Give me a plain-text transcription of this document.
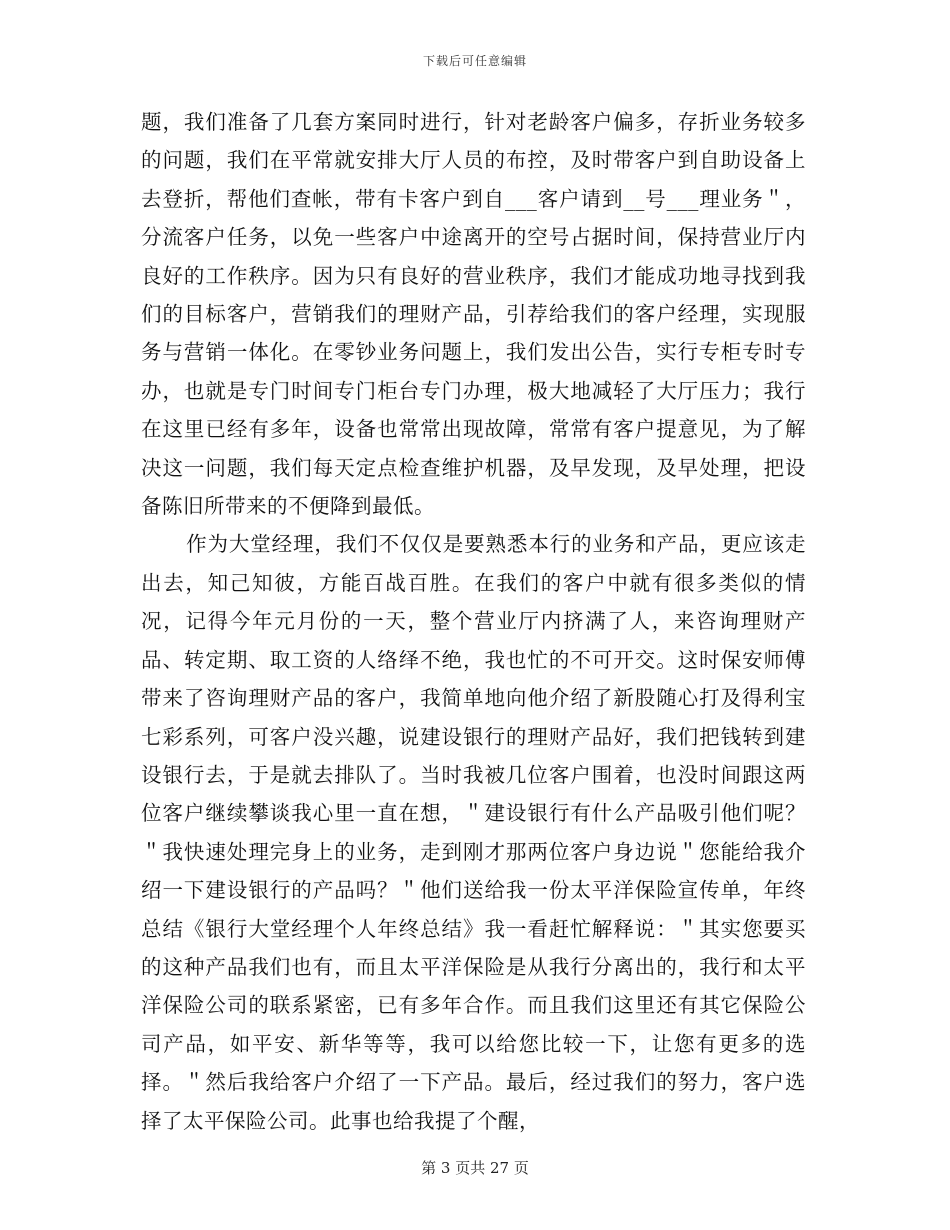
下载后可任意编辑

题，我们准备了几套方案同时进行，针对老龄客户偏多，存折业务较多的问题，我们在平常就安排大厅人员的布控，及时带客户到自助设备上去登折，帮他们查帐，带有卡客户到自___客户请到__号___理业务＂，分流客户任务，以免一些客户中途离开的空号占据时间，保持营业厅内良好的工作秩序。因为只有良好的营业秩序，我们才能成功地寻找到我们的目标客户，营销我们的理财产品，引荐给我们的客户经理，实现服务与营销一体化。在零钞业务问题上，我们发出公告，实行专柜专时专办，也就是专门时间专门柜台专门办理，极大地减轻了大厅压力；我行在这里已经有多年，设备也常常出现故障，常常有客户提意见，为了解决这一问题，我们每天定点检查维护机器，及早发现，及早处理，把设备陈旧所带来的不便降到最低。

作为大堂经理，我们不仅仅是要熟悉本行的业务和产品，更应该走出去，知己知彼，方能百战百胜。在我们的客户中就有很多类似的情况，记得今年元月份的一天，整个营业厅内挤满了人，来咨询理财产品、转定期、取工资的人络绎不绝，我也忙的不可开交。这时保安师傅带来了咨询理财产品的客户，我简单地向他介绍了新股随心打及得利宝七彩系列，可客户没兴趣，说建设银行的理财产品好，我们把钱转到建设银行去，于是就去排队了。当时我被几位客户围着，也没时间跟这两位客户继续攀谈我心里一直在想，＂建设银行有什么产品吸引他们呢？＂我快速处理完身上的业务，走到刚才那两位客户身边说＂您能给我介绍一下建设银行的产品吗？＂他们送给我一份太平洋保险宣传单，年终总结《银行大堂经理个人年终总结》我一看赶忙解释说：＂其实您要买的这种产品我们也有，而且太平洋保险是从我行分离出的，我行和太平洋保险公司的联系紧密，已有多年合作。而且我们这里还有其它保险公司产品，如平安、新华等等，我可以给您比较一下，让您有更多的选择。＂然后我给客户介绍了一下产品。最后，经过我们的努力，客户选择了太平保险公司。此事也给我提了个醒，

第 3 页共 27 页
